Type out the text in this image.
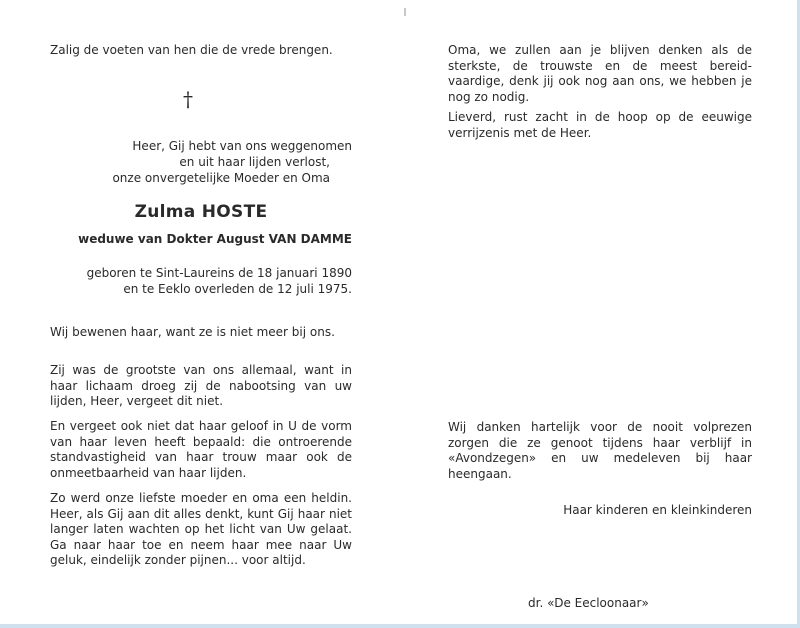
Zalig de voeten van hen die de vrede brengen.
†
Heer, Gij hebt van ons weggenomen
en uit haar lijden verlost,
onze onvergetelijke Moeder en Oma
Zulma HOSTE
weduwe van Dokter August VAN DAMME
geboren te Sint-Laureins de 18 januari 1890
en te Eeklo overleden de 12 juli 1975.
Wij bewenen haar, want ze is niet meer bij ons.
Zij was de grootste van ons allemaal, want in haar lichaam droeg zij de nabootsing van uw lijden, Heer, vergeet dit niet.
En vergeet ook niet dat haar geloof in U de vorm van haar leven heeft bepaald: die ontroerende standvastigheid van haar trouw maar ook de onmeetbaarheid van haar lijden.
Zo werd onze liefste moeder en oma een heldin. Heer, als Gij aan dit alles denkt, kunt Gij haar niet langer laten wachten op het licht van Uw gelaat. Ga naar haar toe en neem haar mee naar Uw geluk, eindelijk zonder pijnen... voor altijd.
Oma, we zullen aan je blijven denken als de sterkste, de trouwste en de meest bereid-vaardige, denk jij ook nog aan ons, we hebben je nog zo nodig.
Lieverd, rust zacht in de hoop op de eeuwige verrijzenis met de Heer.
Wij danken hartelijk voor de nooit volprezen zorgen die ze genoot tijdens haar verblijf in «Avondzegen» en uw medeleven bij haar heengaan.
Haar kinderen en kleinkinderen
dr. «De Eecloonaar»
